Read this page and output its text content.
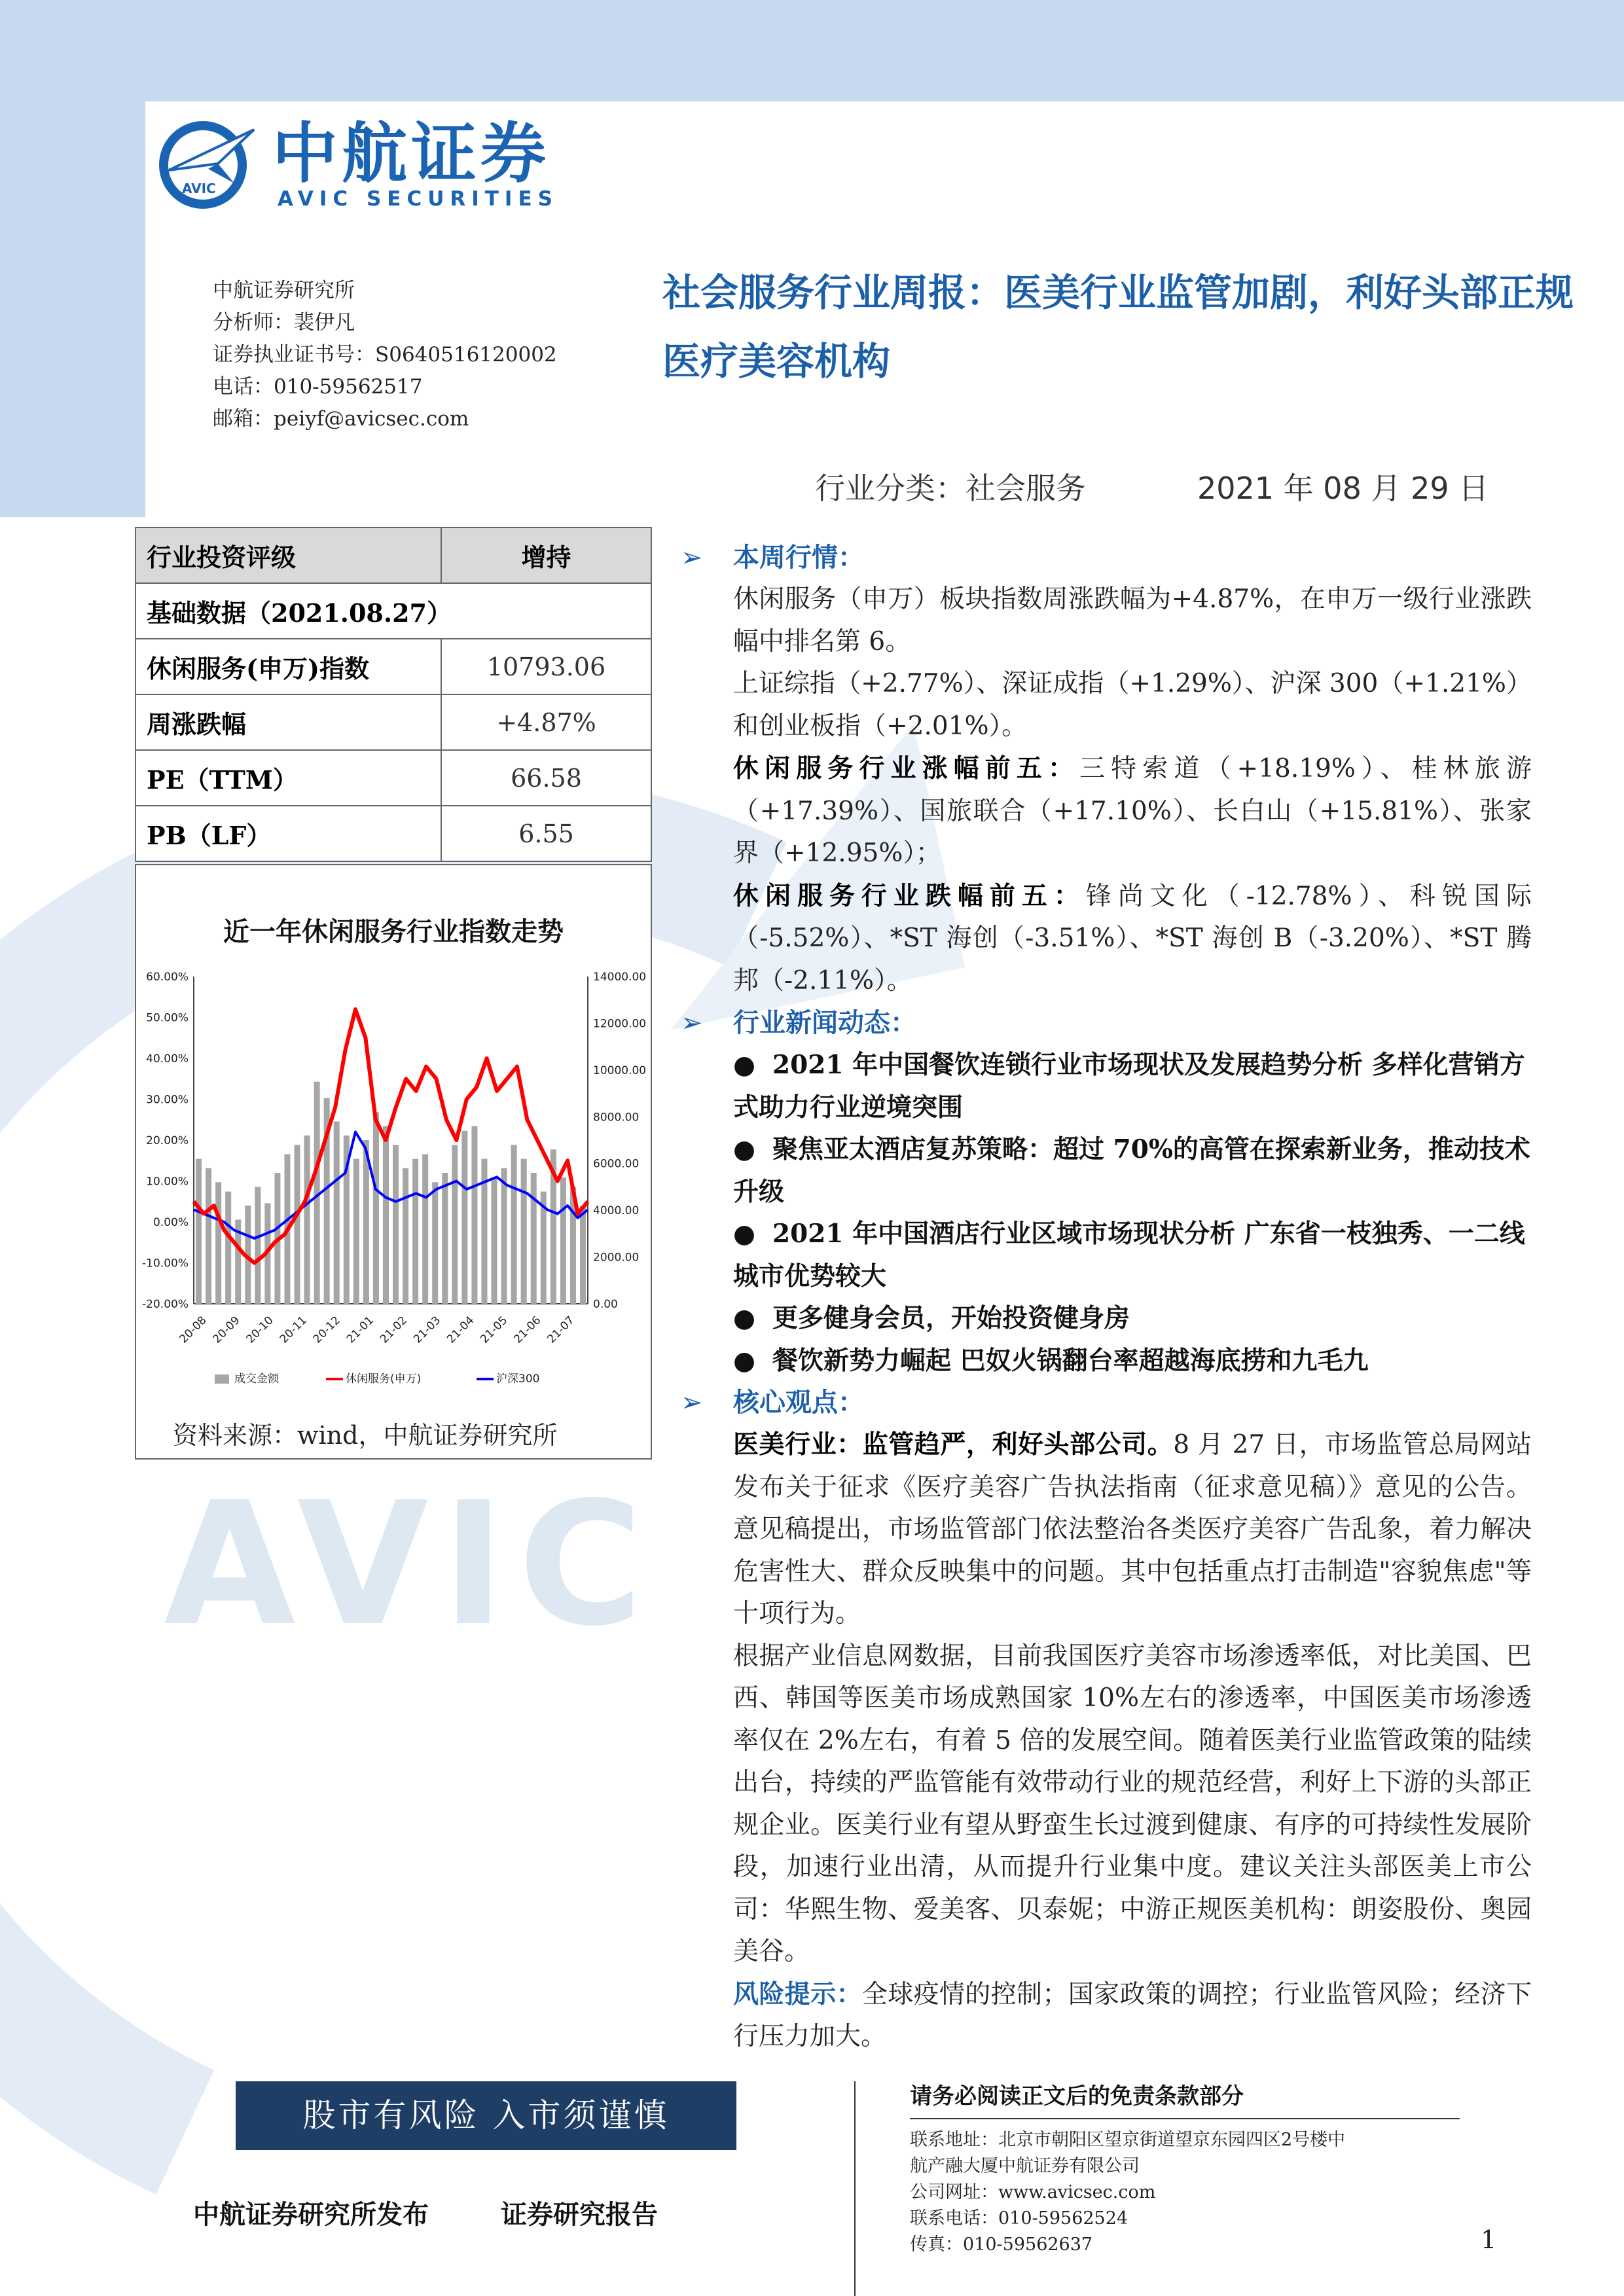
AVIC
AVIC 中航证券
AVIC SECURITIES
中航证券研究所
分析师：裴伊凡
证券执业证书号：S0640516120002
电话：010-59562517
邮箱：peiyf@avicsec.com
社会服务行业周报：医美行业监管加剧，利好头部正规医疗美容机构
行业分类：社会服务	2021 年 08 月 29 日
行业投资评级	增持
基础数据（2021.08.27）	
休闲服务(申万)指数	10793.06
周涨跌幅	+4.87%
PE（TTM）	66.58
PB（LF）	6.55
近一年休闲服务行业指数走势
60.00%
50.00%
40.00%
30.00%
20.00%
10.00%
0.00%
-10.00%
-20.00%
14000.00
12000.00
10000.00
8000.00
6000.00
4000.00
2000.00
0.00
20-08 20-09 20-10 20-11 20-12 21-01 21-02 21-03 21-04 21-05 21-06 21-07
成交金额	休闲服务(申万)	沪深300
资料来源：wind，中航证券研究所
➢ 本周行情：
休闲服务（申万）板块指数周涨跌幅为+4.87%，在申万一级行业涨跌幅中排名第 6。
上证综指（+2.77%）、深证成指（+1.29%）、沪深 300（+1.21%）和创业板指（+2.01%）。
休闲服务行业涨幅前五：三特索道（+18.19%）、桂林旅游（+17.39%）、国旅联合（+17.10%）、长白山（+15.81%）、张家界（+12.95%）；
休闲服务行业跌幅前五：锋尚文化（-12.78%）、科锐国际（-5.52%）、*ST 海创（-3.51%）、*ST 海创 B（-3.20%）、*ST 腾邦（-2.11%）。
➢ 行业新闻动态：
● 2021 年中国餐饮连锁行业市场现状及发展趋势分析 多样化营销方式助力行业逆境突围
● 聚焦亚太酒店复苏策略：超过 70%的高管在探索新业务，推动技术升级
● 2021 年中国酒店行业区域市场现状分析 广东省一枝独秀、一二线城市优势较大
● 更多健身会员，开始投资健身房
● 餐饮新势力崛起 巴奴火锅翻台率超越海底捞和九毛九
➢ 核心观点：
医美行业：监管趋严，利好头部公司。8 月 27 日，市场监管总局网站发布关于征求《医疗美容广告执法指南（征求意见稿）》意见的公告。意见稿提出，市场监管部门依法整治各类医疗美容广告乱象，着力解决危害性大、群众反映集中的问题。其中包括重点打击制造"容貌焦虑"等十项行为。
根据产业信息网数据，目前我国医疗美容市场渗透率低，对比美国、巴西、韩国等医美市场成熟国家 10%左右的渗透率，中国医美市场渗透率仅在 2%左右，有着 5 倍的发展空间。随着医美行业监管政策的陆续出台，持续的严监管能有效带动行业的规范经营，利好上下游的头部正规企业。医美行业有望从野蛮生长过渡到健康、有序的可持续性发展阶段，加速行业出清，从而提升行业集中度。建议关注头部医美上市公司：华熙生物、爱美客、贝泰妮；中游正规医美机构：朗姿股份、奥园美谷。
风险提示：全球疫情的控制；国家政策的调控；行业监管风险；经济下行压力加大。
股市有风险 入市须谨慎
中航证券研究所发布	证券研究报告
请务必阅读正文后的免责条款部分
联系地址：北京市朝阳区望京街道望京东园四区2号楼中
航产融大厦中航证券有限公司
公司网址：www.avicsec.com
联系电话：010-59562524
传真：010-59562637	1
